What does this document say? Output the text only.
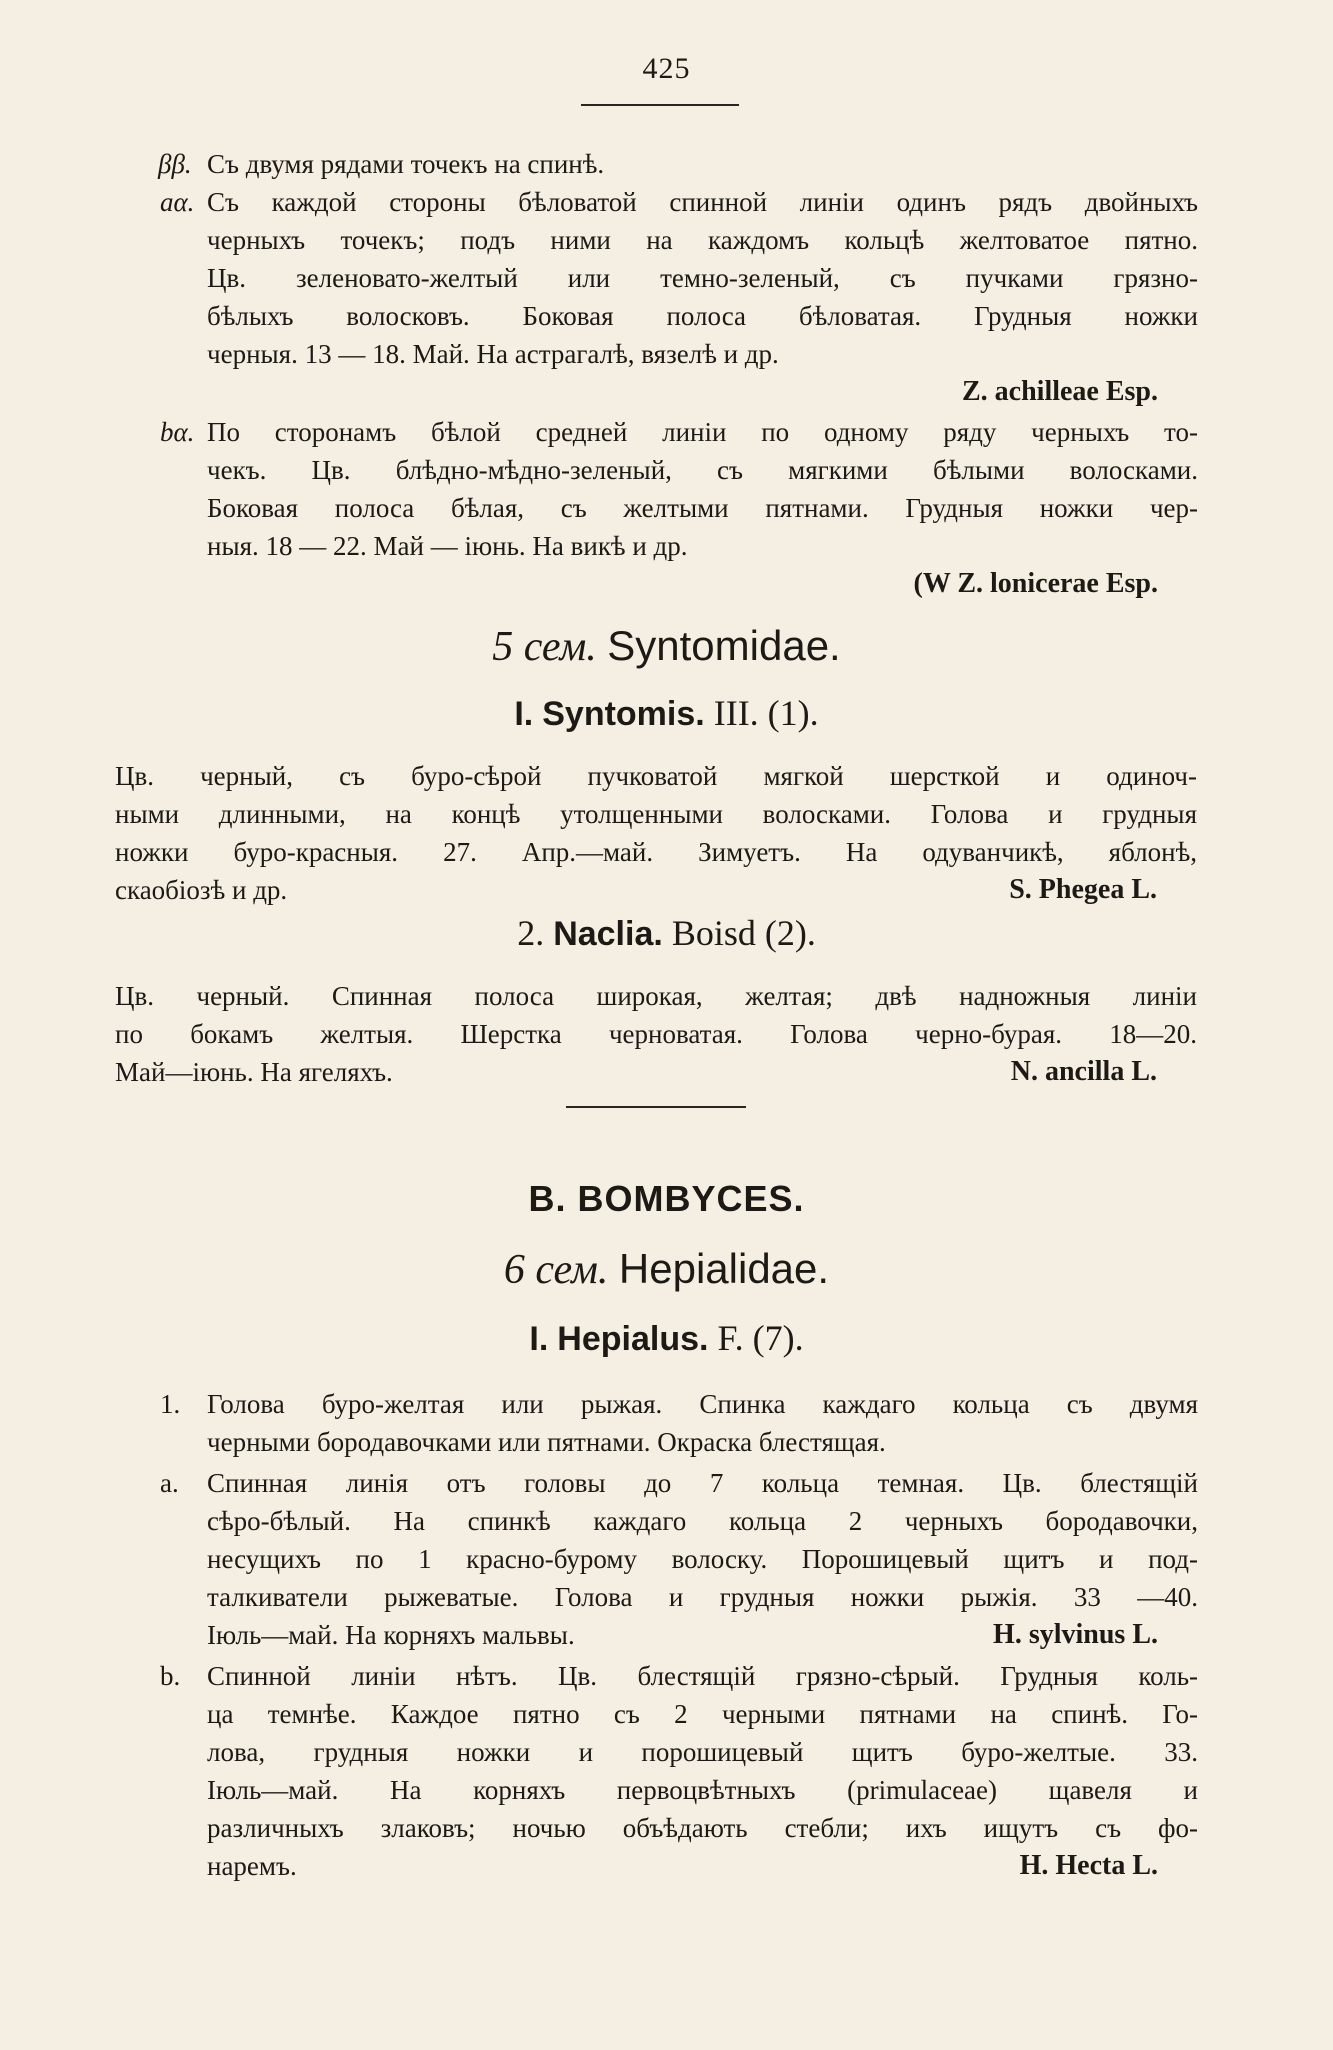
425
ββ. Съ двумя рядами точекъ на спинѣ.
aα. Съ каждой стороны бѣловатой спинной линіи одинъ рядъ двойныхъ
черныхъ точекъ; подъ ними на каждомъ кольцѣ желтоватое пятно.
Цв. зеленовато-желтый или темно-зеленый, съ пучками грязно-
бѣлыхъ волосковъ. Боковая полоса бѣловатая. Грудныя ножки
черныя. 13 — 18. Май. На астрагалѣ, вязелѣ и др.
Z. achilleae Esp.
bα. По сторонамъ бѣлой средней линіи по одному ряду черныхъ то-
чекъ. Цв. блѣдно-мѣдно-зеленый, съ мягкими бѣлыми волосками.
Боковая полоса бѣлая, съ желтыми пятнами. Грудныя ножки чер-
ныя. 18 — 22. Май — іюнь. На викѣ и др.
(W Z. lonicerae Esp.
5 сем. Syntomidae.
I. Syntomis. III. (1).
Цв. черный, съ буро-сѣрой пучковатой мягкой шерсткой и одиноч-
ными длинными, на концѣ утолщенными волосками. Голова и грудныя
ножки буро-красныя. 27. Апр.—май. Зимуетъ. На одуванчикѣ, яблонѣ,
скаобіозѣ и др.	S. Phegea L.
2. Naclia. Boisd (2).
Цв. черный. Спинная полоса широкая, желтая; двѣ надножныя линіи
по бокамъ желтыя. Шерстка черноватая. Голова черно-бурая. 18—20.
Май—іюнь. На ягеляхъ.	N. ancilla L.
B. BOMBYCES.
6 сем. Hepialidae.
I. Hepialus. F. (7).
1. Голова буро-желтая или рыжая. Спинка каждаго кольца съ двумя
черными бородавочками или пятнами. Окраска блестящая.
a. Спинная линія отъ головы до 7 кольца темная. Цв. блестящій
сѣро-бѣлый. На спинкѣ каждаго кольца 2 черныхъ бородавочки,
несущихъ по 1 красно-бурому волоску. Порошицевый щитъ и под-
талкиватели рыжеватые. Голова и грудныя ножки рыжія. 33 —40.
Іюль—май. На корняхъ мальвы.	H. sylvinus L.
b. Спинной линіи нѣтъ. Цв. блестящій грязно-сѣрый. Грудныя коль-
ца темнѣе. Каждое пятно съ 2 черными пятнами на спинѣ. Го-
лова, грудныя ножки и порошицевый щитъ буро-желтые. 33.
Іюль—май. На корняхъ первоцвѣтныхъ (primulaceae) щавеля и
различныхъ злаковъ; ночью объѣдають стебли; ихъ ищутъ съ фо-
наремъ.	H. Hecta L.
